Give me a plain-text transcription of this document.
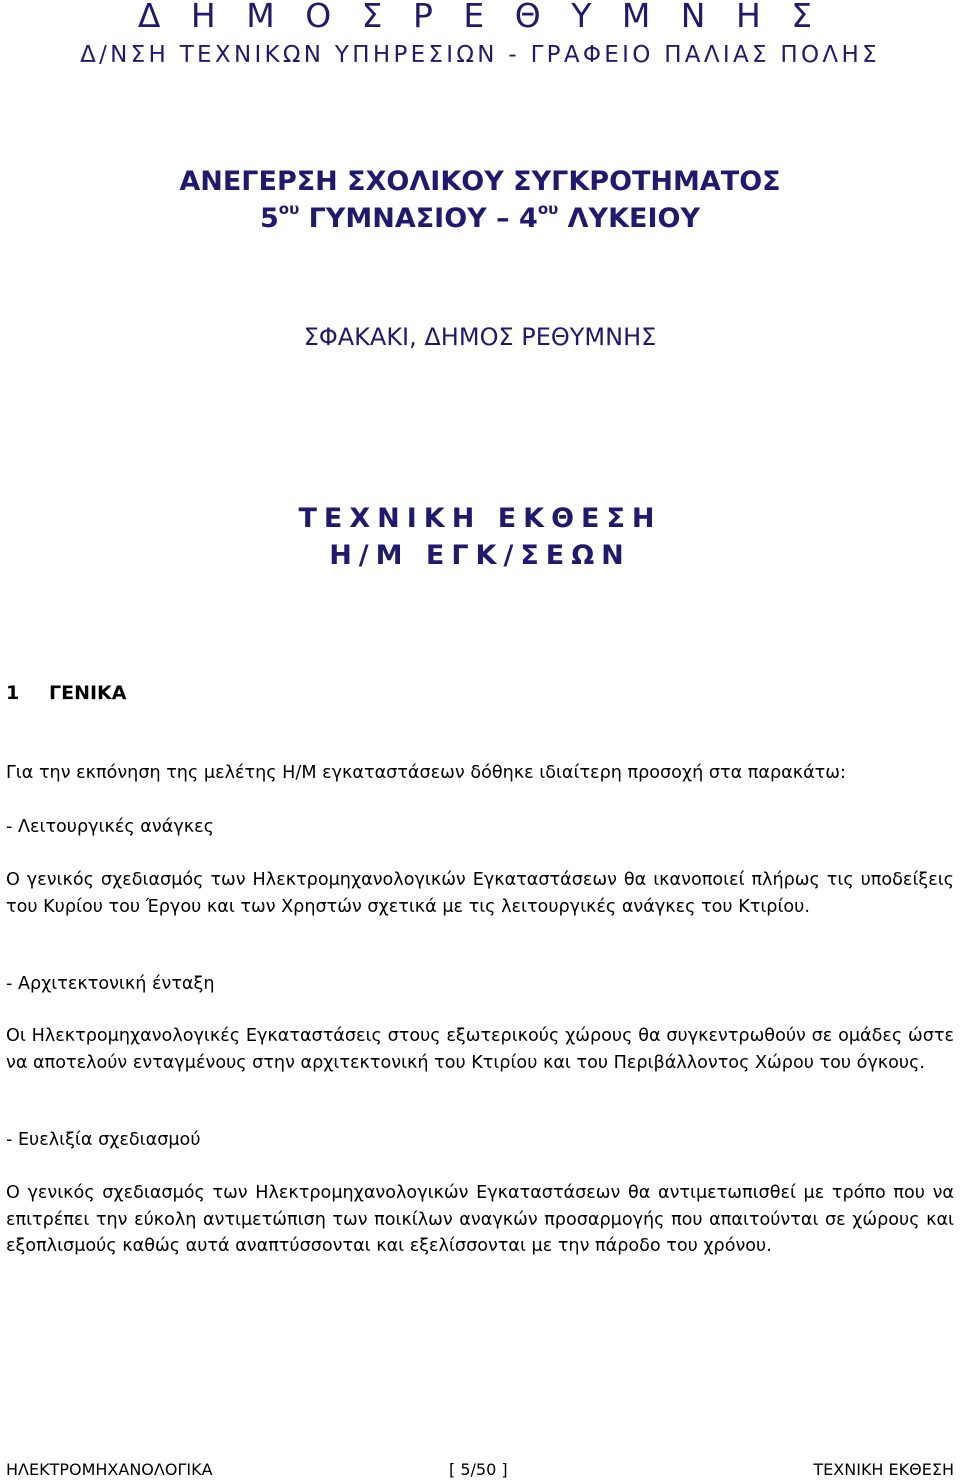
Δ Η Μ Ο Σ Ρ Ε Θ Υ Μ Ν Η Σ
Δ/ΝΣΗ ΤΕΧΝΙΚΩΝ ΥΠΗΡΕΣΙΩΝ - ΓΡΑΦΕΙΟ ΠΑΛΙΑΣ ΠΟΛΗΣ
ΑΝΕΓΕΡΣΗ ΣΧΟΛΙΚΟΥ ΣΥΓΚΡΟΤΗΜΑΤΟΣ
$5^{o\upsilon}$ ΓΥΜΝΑΣΙΟΥ – $4^{o\upsilon}$ ΛΥΚΕΙΟΥ
ΣΦΑΚΑΚΙ, ΔΗΜΟΣ ΡΕΘΥΜΝΗΣ
ΤΕΧΝΙΚΗ ΕΚΘΕΣΗ
Η/Μ ΕΓΚ/ΣΕΩΝ
1 ΓΕΝΙΚΑ

Για την εκπόνηση της μελέτης Η/Μ εγκαταστάσεων δόθηκε ιδιαίτερη προσοχή στα παρακάτω:

- Λειτουργικές ανάγκες

Ο γενικός σχεδιασμός των Ηλεκτρομηχανολογικών Εγκαταστάσεων θα ικανοποιεί πλήρως τις υποδείξεις του Κυρίου του Έργου και των Χρηστών σχετικά με τις λειτουργικές ανάγκες του Κτιρίου.

- Αρχιτεκτονική ένταξη

Οι Ηλεκτρομηχανολογικές Εγκαταστάσεις στους εξωτερικούς χώρους θα συγκεντρωθούν σε ομάδες ώστε να αποτελούν ενταγμένους στην αρχιτεκτονική του Κτιρίου και του Περιβάλλοντος Χώρου του όγκους.

- Ευελιξία σχεδιασμού

Ο γενικός σχεδιασμός των Ηλεκτρομηχανολογικών Εγκαταστάσεων θα αντιμετωπισθεί με τρόπο που να επιτρέπει την εύκολη αντιμετώπιση των ποικίλων αναγκών προσαρμογής που απαιτούνται σε χώρους και εξοπλισμούς καθώς αυτά αναπτύσσονται και εξελίσσονται με την πάροδο του χρόνου.

ΗΛΕΚΤΡΟΜΗΧΑΝΟΛΟΓΙΚΑ	[ 5/50 ]	ΤΕΧΝΙΚΗ ΕΚΘΕΣΗ
